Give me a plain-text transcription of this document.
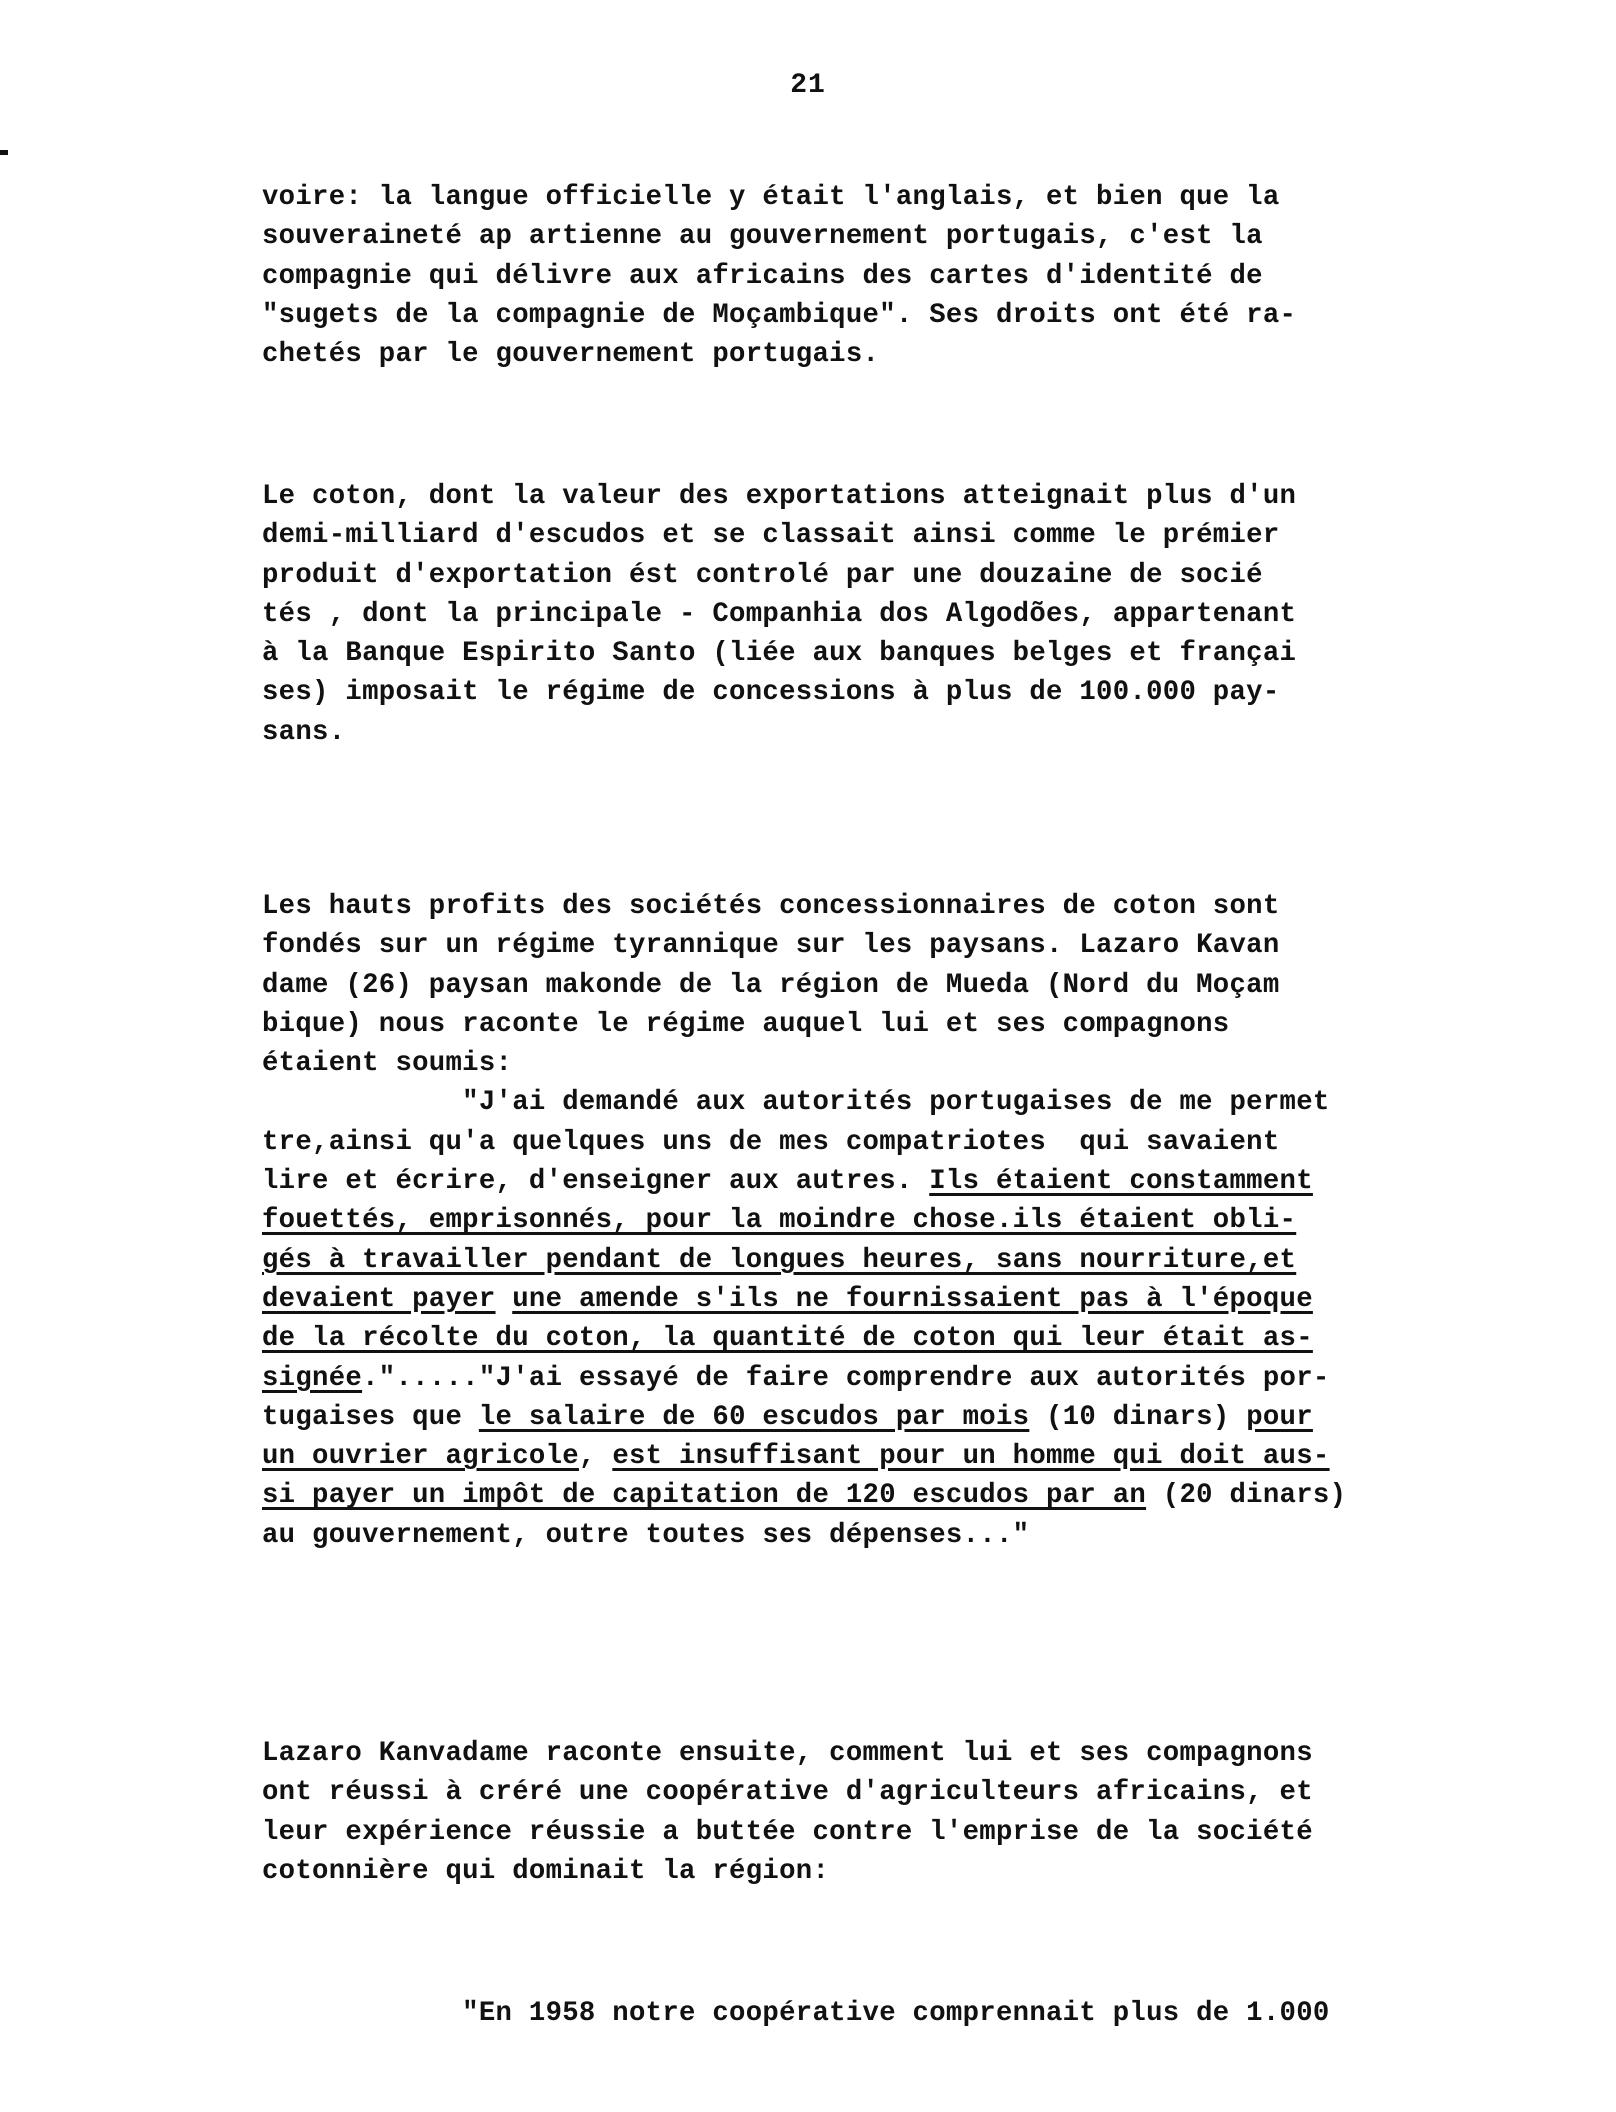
21
voire: la langue officielle y était l'anglais, et bien que la
souveraineté ap artienne au gouvernement portugais, c'est la
compagnie qui délivre aux africains des cartes d'identité de
"sugets de la compagnie de Moçambique". Ses droits ont été ra-
chetés par le gouvernement portugais.
Le coton, dont la valeur des exportations atteignait plus d'un
demi-milliard d'escudos et se classait ainsi comme le prémier
produit d'exportation ést controlé par une douzaine de socié
tés , dont la principale - Companhia dos Algodões, appartenant
à la Banque Espirito Santo (liée aux banques belges et françai
ses) imposait le régime de concessions à plus de 100.000 pay-
sans.
Les hauts profits des sociétés concessionnaires de coton sont
fondés sur un régime tyrannique sur les paysans. Lazaro Kavan
dame (26) paysan makonde de la région de Mueda (Nord du Moçam
bique) nous raconte le régime auquel lui et ses compagnons
étaient soumis:
"J'ai demandé aux autorités portugaises de me permet
tre,ainsi qu'a quelques uns de mes compatriotes  qui savaient
lire et écrire, d'enseigner aux autres. Ils étaient constamment
fouettés, emprisonnés, pour la moindre chose.ils étaient obli-
gés à travailler pendant de longues heures, sans nourriture,et
devaient payer une amende s'ils ne fournissaient pas à l'époque
de la récolte du coton, la quantité de coton qui leur était as-
signée."....."J'ai essayé de faire comprendre aux autorités por-
tugaises que le salaire de 60 escudos par mois (10 dinars) pour
un ouvrier agricole, est insuffisant pour un homme qui doit aus-
si payer un impôt de capitation de 120 escudos par an (20 dinars)
au gouvernement, outre toutes ses dépenses..."
Lazaro Kanvadame raconte ensuite, comment lui et ses compagnons
ont réussi à créré une coopérative d'agriculteurs africains, et
leur expérience réussie a buttée contre l'emprise de la société
cotonnière qui dominait la région:
"En 1958 notre coopérative comprennait plus de 1.000
